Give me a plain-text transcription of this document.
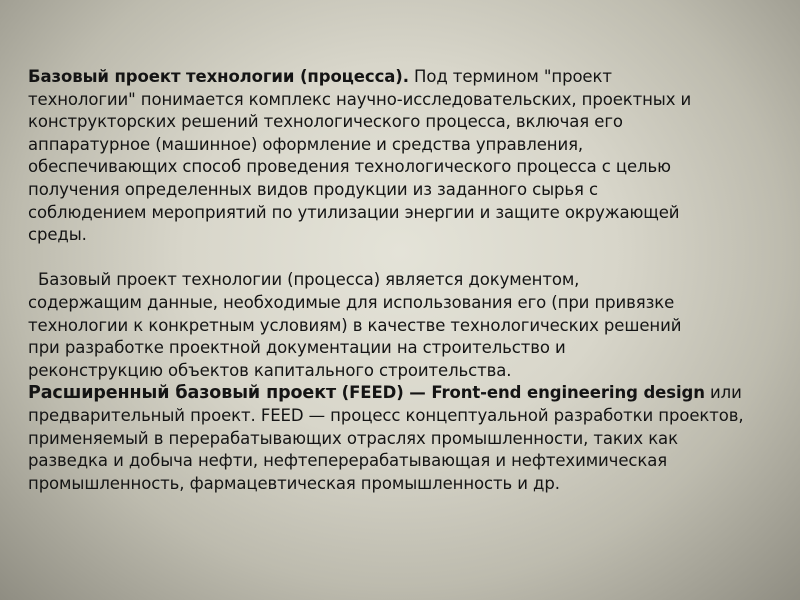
Базовый проект технологии (процесса). Под термином "проект
технологии" понимается комплекс научно-исследовательских, проектных и
конструкторских решений технологического процесса, включая его
аппаратурное (машинное) оформление и средства управления,
обеспечивающих способ проведения технологического процесса с целью
получения определенных видов продукции из заданного сырья с
соблюдением мероприятий по утилизации энергии и защите окружающей
среды.
Базовый проект технологии (процесса) является документом,
содержащим данные, необходимые для использования его (при привязке
технологии к конкретным условиям) в качестве технологических решений
при разработке проектной документации на строительство и
реконструкцию объектов капитального строительства.
Расширенный базовый проект (FEED) — Front-end engineering design или
предварительный проект. FEED — процесс концептуальной разработки проектов,
применяемый в перерабатывающих отраслях промышленности, таких как
разведка и добыча нефти, нефтеперерабатывающая и нефтехимическая
промышленность, фармацевтическая промышленность и др.
